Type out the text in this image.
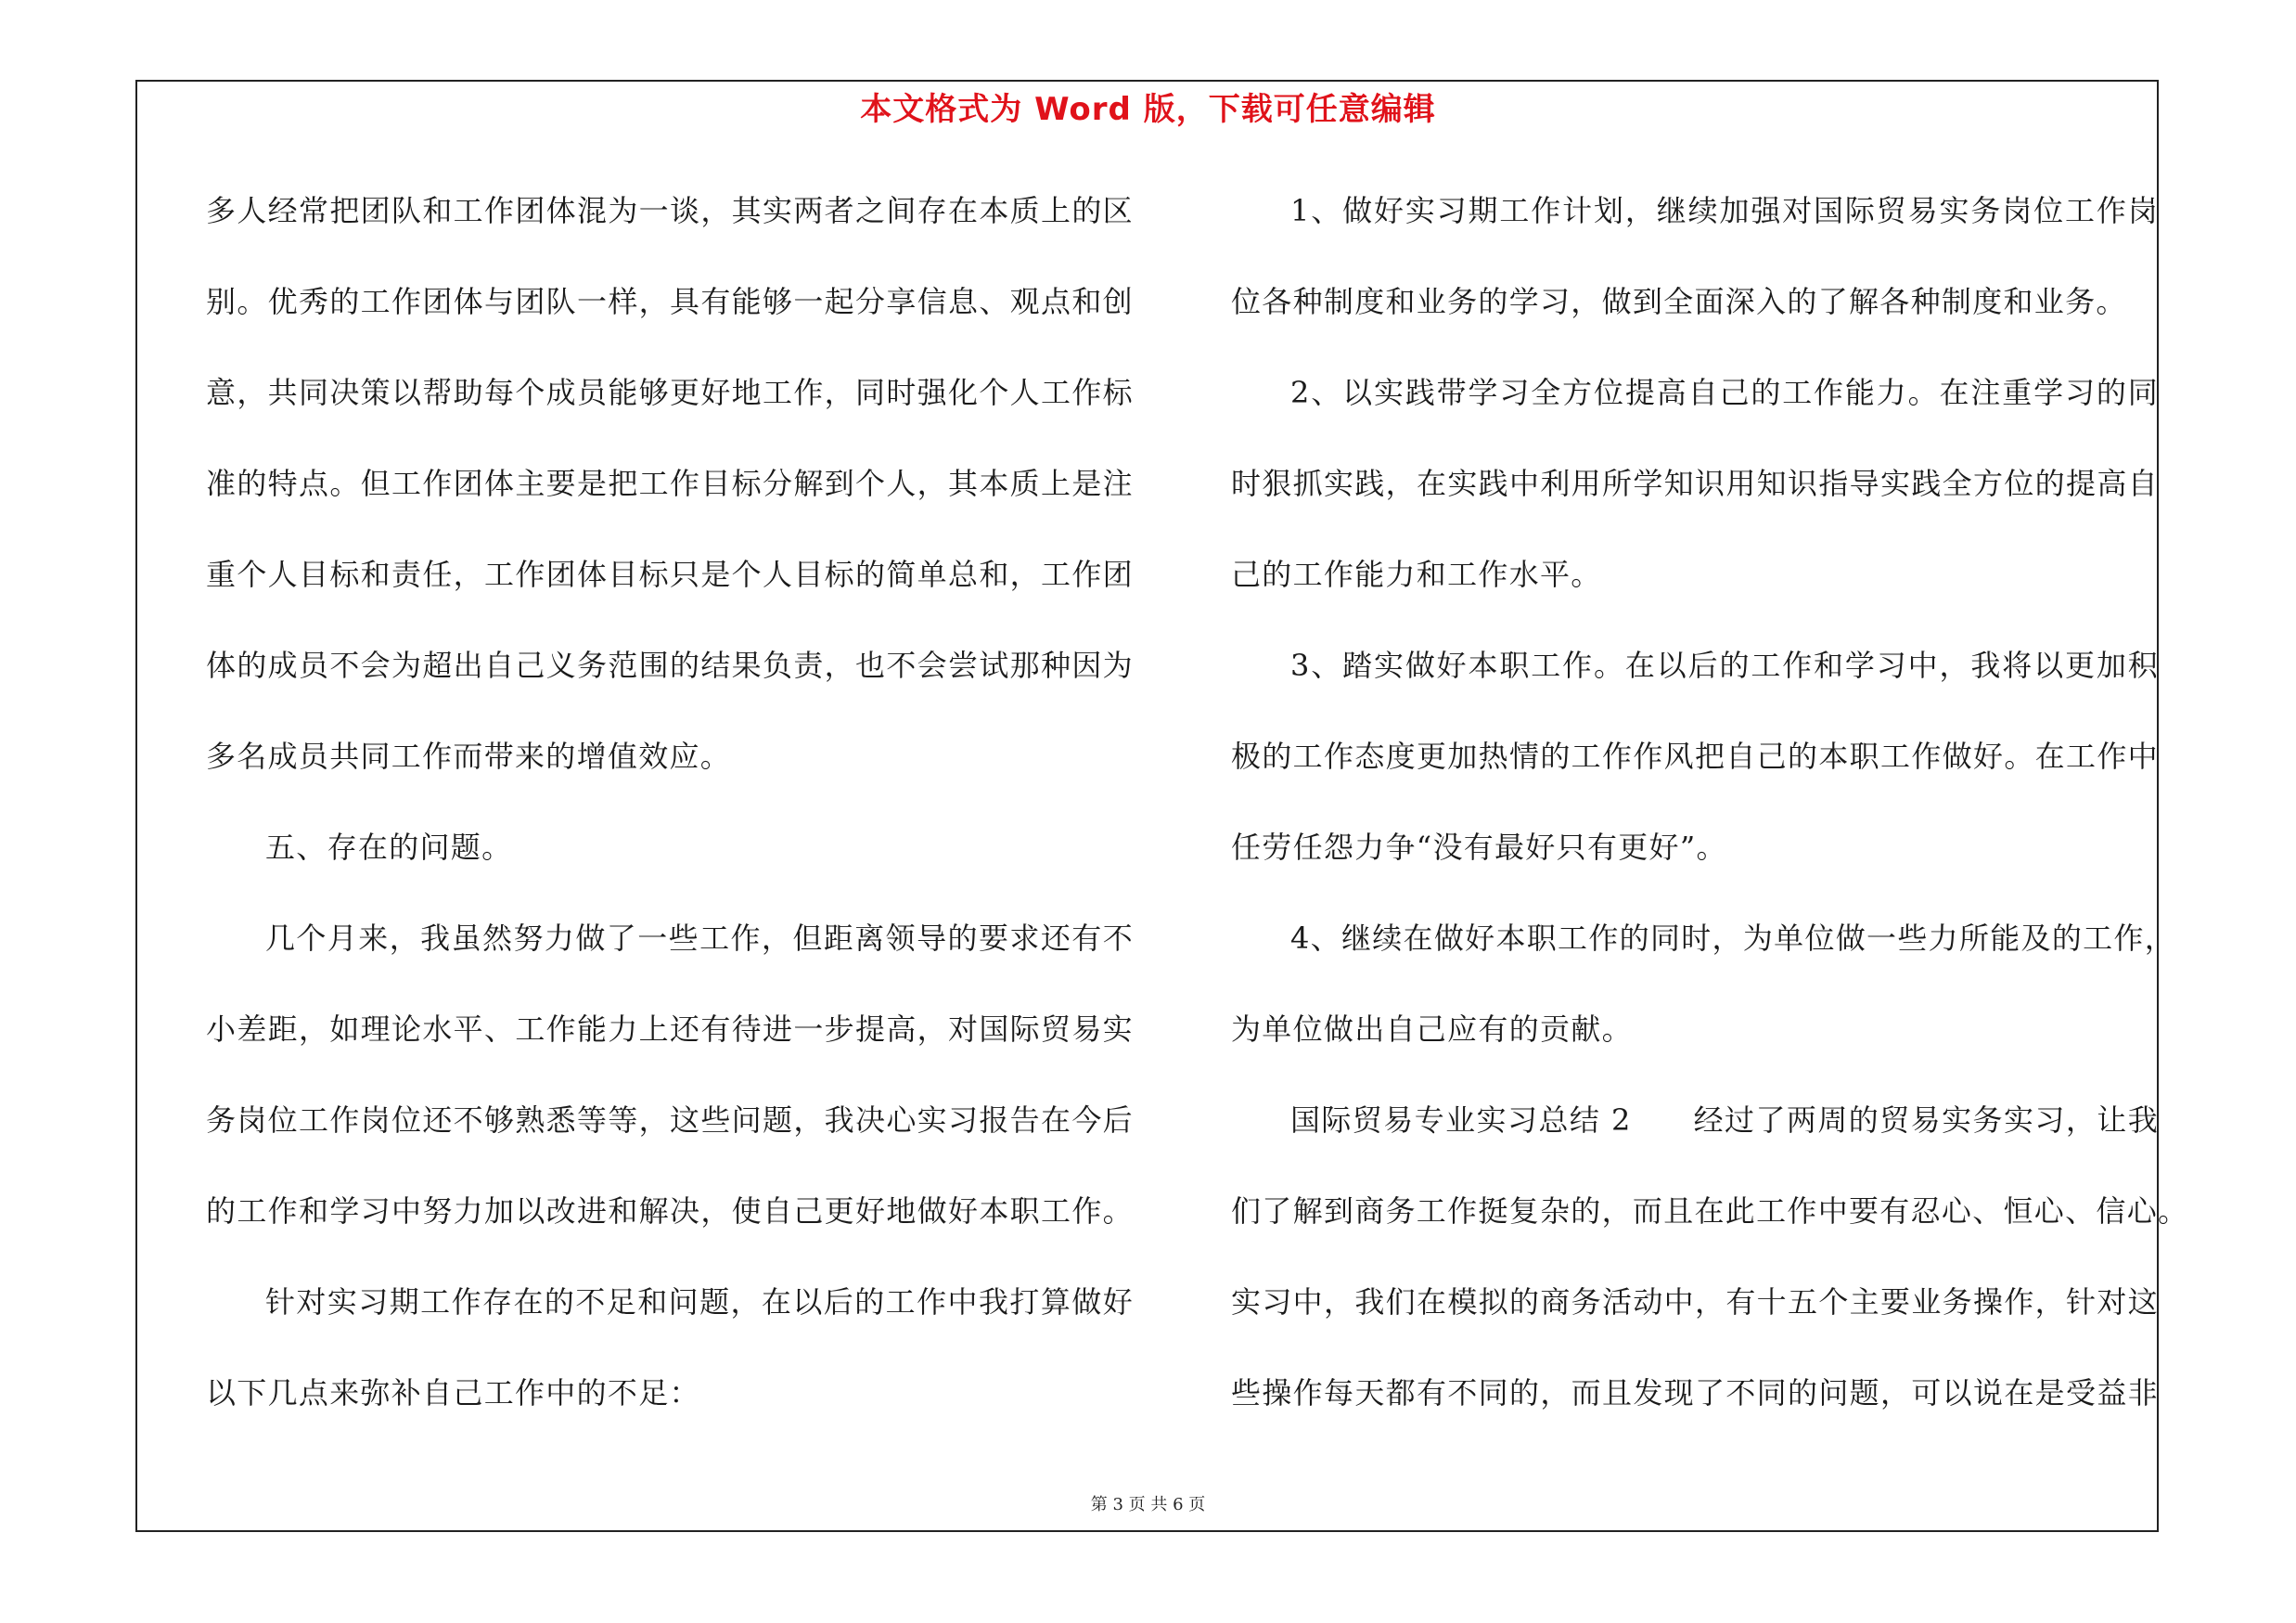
本文格式为 Word 版，下载可任意编辑
多人经常把团队和工作团体混为一谈，其实两者之间存在本质上的区
别。优秀的工作团体与团队一样，具有能够一起分享信息、观点和创
意，共同决策以帮助每个成员能够更好地工作，同时强化个人工作标
准的特点。但工作团体主要是把工作目标分解到个人，其本质上是注
重个人目标和责任，工作团体目标只是个人目标的简单总和，工作团
体的成员不会为超出自己义务范围的结果负责，也不会尝试那种因为
多名成员共同工作而带来的增值效应。
五、存在的问题。
几个月来，我虽然努力做了一些工作，但距离领导的要求还有不
小差距，如理论水平、工作能力上还有待进一步提高，对国际贸易实
务岗位工作岗位还不够熟悉等等，这些问题，我决心实习报告在今后
的工作和学习中努力加以改进和解决，使自己更好地做好本职工作。
针对实习期工作存在的不足和问题，在以后的工作中我打算做好
以下几点来弥补自己工作中的不足：
1、做好实习期工作计划，继续加强对国际贸易实务岗位工作岗
位各种制度和业务的学习，做到全面深入的了解各种制度和业务。
2、以实践带学习全方位提高自己的工作能力。在注重学习的同
时狠抓实践，在实践中利用所学知识用知识指导实践全方位的提高自
己的工作能力和工作水平。
3、踏实做好本职工作。在以后的工作和学习中，我将以更加积
极的工作态度更加热情的工作作风把自己的本职工作做好。在工作中
任劳任怨力争“没有最好只有更好”。
4、继续在做好本职工作的同时，为单位做一些力所能及的工作，
为单位做出自己应有的贡献。
国际贸易专业实习总结 2　　经过了两周的贸易实务实习，让我
们了解到商务工作挺复杂的，而且在此工作中要有忍心、恒心、信心。
实习中，我们在模拟的商务活动中，有十五个主要业务操作，针对这
些操作每天都有不同的，而且发现了不同的问题，可以说在是受益非
第 3 页 共 6 页
